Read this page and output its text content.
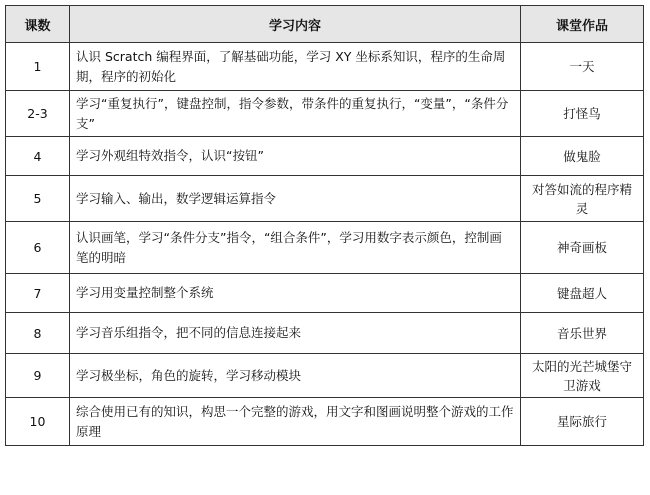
课数	学习内容	课堂作品
1	认识 Scratch 编程界面，了解基础功能，学习 XY 坐标系知识，程序的生命周期，程序的初始化	一天
2-3	学习“重复执行”，键盘控制，指令参数，带条件的重复执行，“变量”，“条件分支”	打怪鸟
4	学习外观组特效指令，认识“按钮”	做鬼脸
5	学习输入、输出，数学逻辑运算指令	对答如流的程序精灵
6	认识画笔，学习“条件分支”指令，“组合条件”，学习用数字表示颜色，控制画笔的明暗	神奇画板
7	学习用变量控制整个系统	键盘超人
8	学习音乐组指令，把不同的信息连接起来	音乐世界
9	学习极坐标，角色的旋转，学习移动模块	太阳的光芒城堡守卫游戏
10	综合使用已有的知识，构思一个完整的游戏，用文字和图画说明整个游戏的工作原理	星际旅行
